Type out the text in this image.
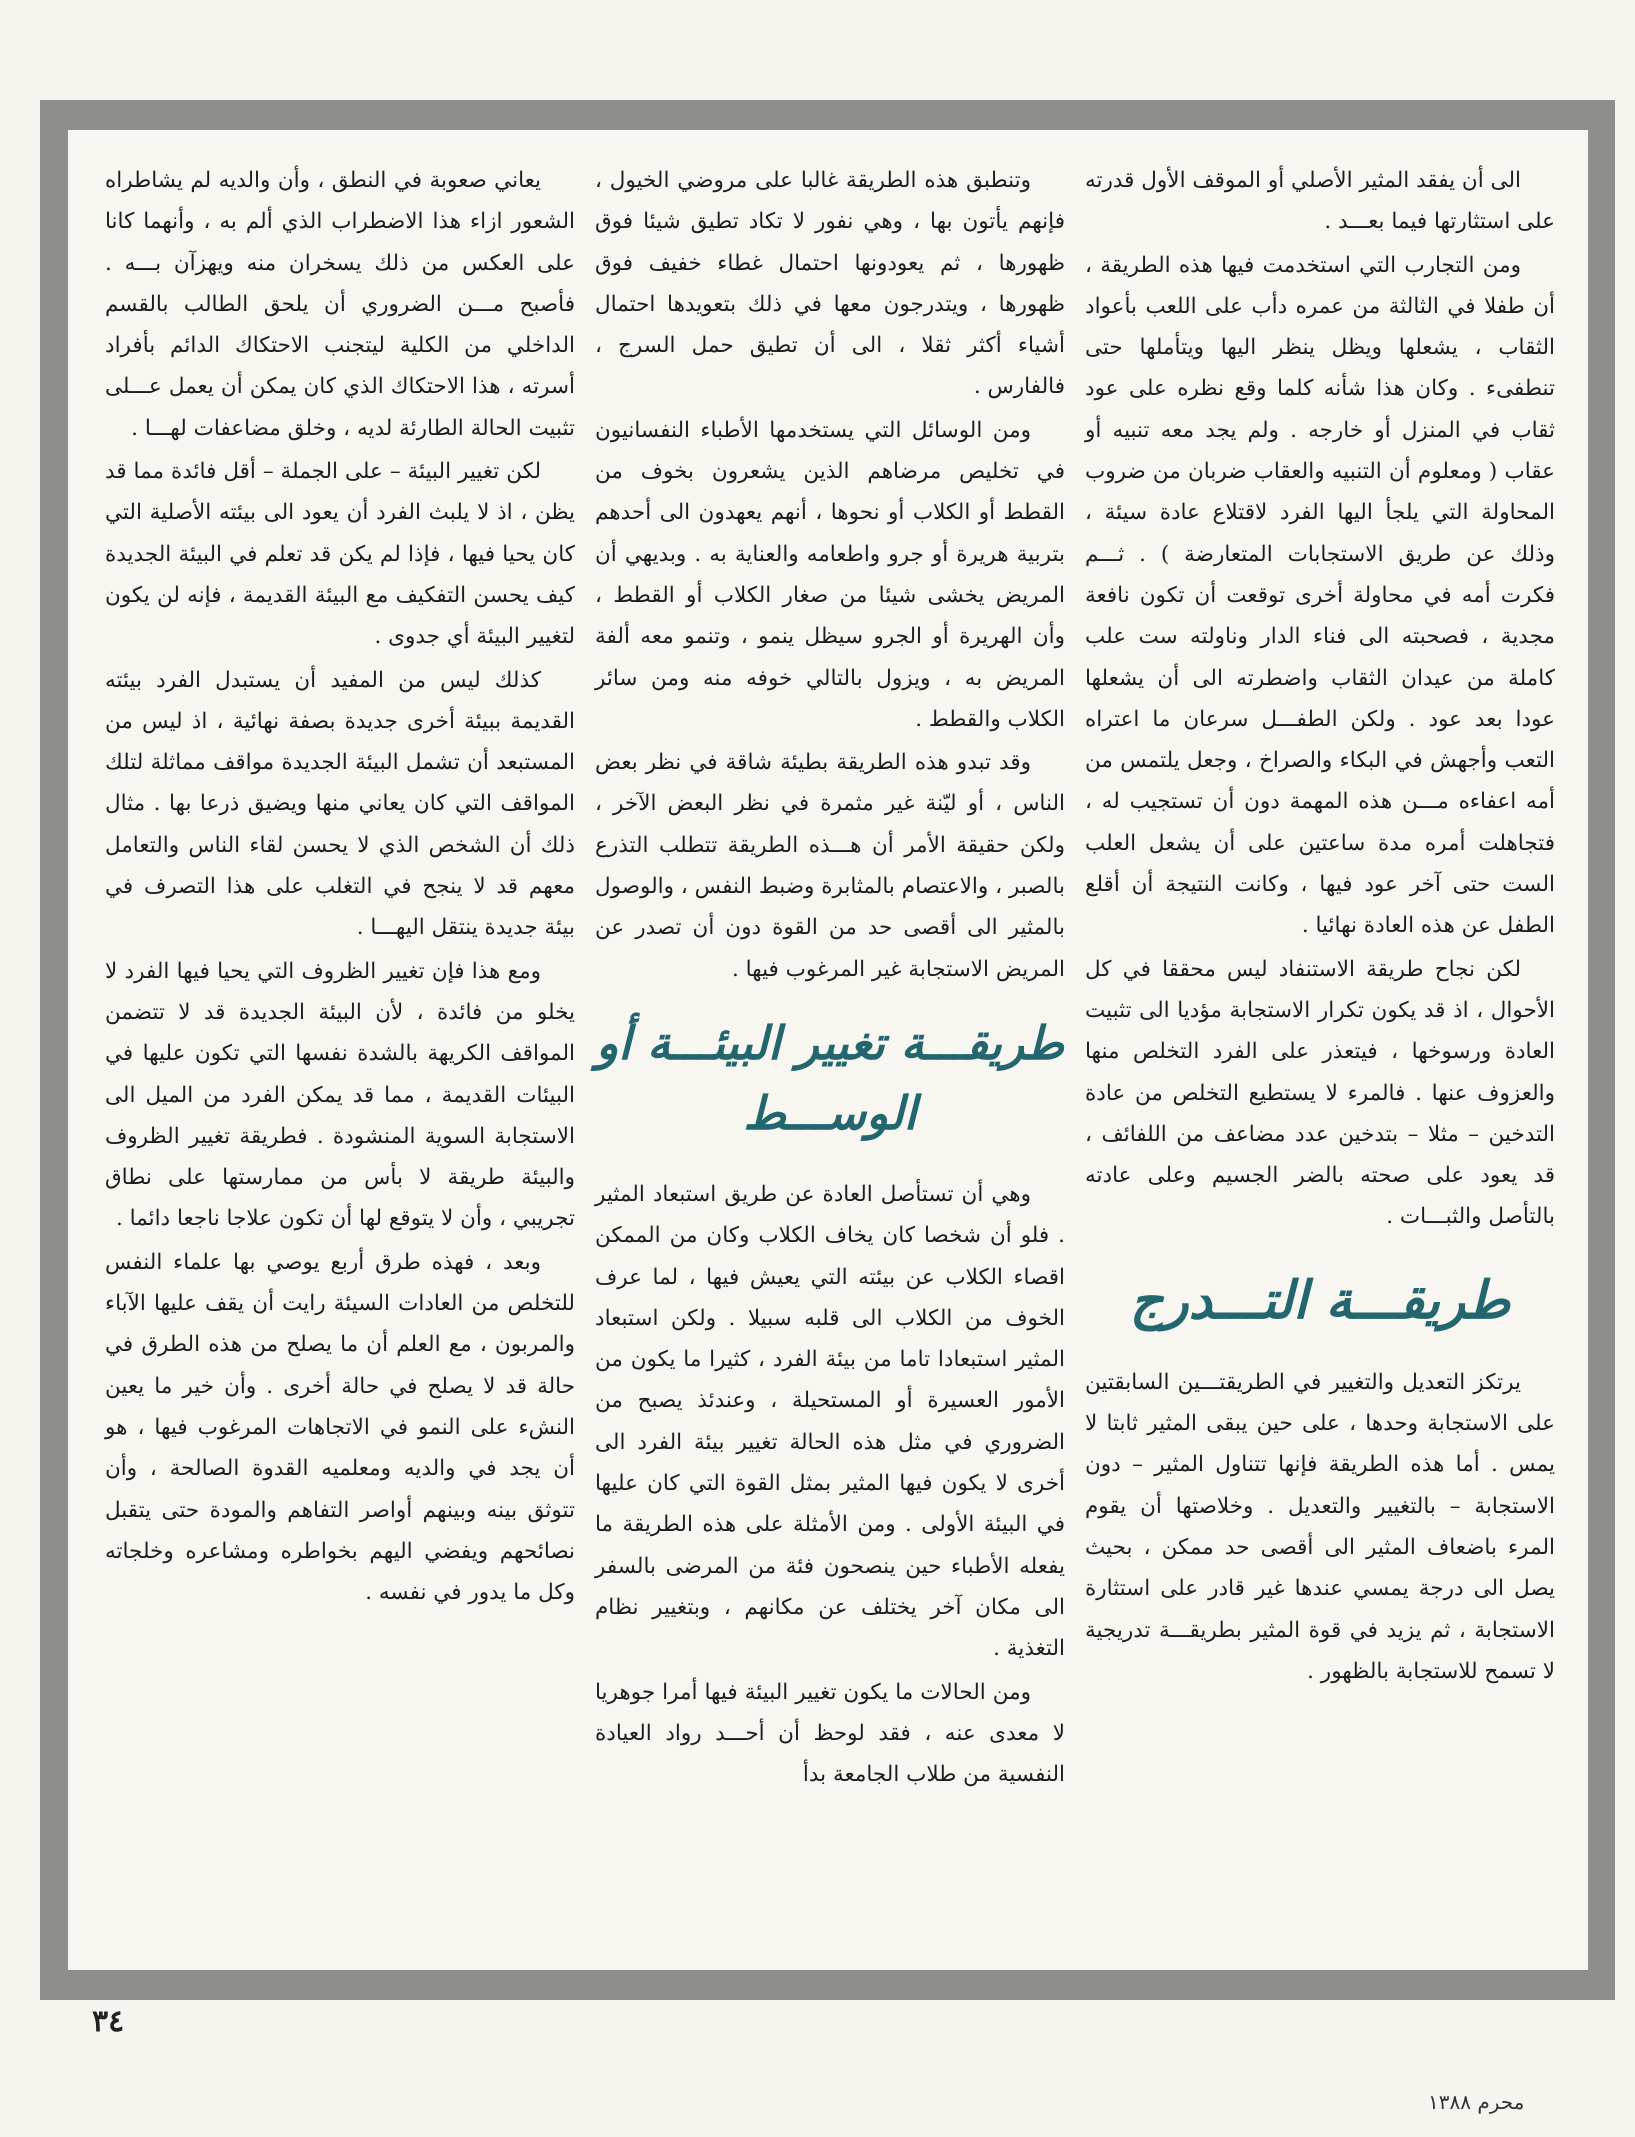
الى أن يفقد المثير الأصلي أو الموقف الأول قدرته على استثارتها فيما بعـــد .

ومن التجارب التي استخدمت فيها هذه الطريقة ، أن طفلا في الثالثة من عمره دأب على اللعب بأعواد الثقاب ، يشعلها ويظل ينظر اليها ويتأملها حتى تنطفىء . وكان هذا شأنه كلما وقع نظره على عود ثقاب في المنزل أو خارجه . ولم يجد معه تنبيه أو عقاب ( ومعلوم أن التنبيه والعقاب ضربان من ضروب المحاولة التي يلجأ اليها الفرد لاقتلاع عادة سيئة ، وذلك عن طريق الاستجابات المتعارضة ) . ثـــم فكرت أمه في محاولة أخرى توقعت أن تكون نافعة مجدية ، فصحبته الى فناء الدار وناولته ست علب كاملة من عيدان الثقاب واضطرته الى أن يشعلها عودا بعد عود . ولكن الطفـــل سرعان ما اعتراه التعب وأجهش في البكاء والصراخ ، وجعل يلتمس من أمه اعفاءه مـــن هذه المهمة دون أن تستجيب له ، فتجاهلت أمره مدة ساعتين على أن يشعل العلب الست حتى آخر عود فيها ، وكانت النتيجة أن أقلع الطفل عن هذه العادة نهائيا .

لكن نجاح طريقة الاستنفاد ليس محققا في كل الأحوال ، اذ قد يكون تكرار الاستجابة مؤديا الى تثبيت العادة ورسوخها ، فيتعذر على الفرد التخلص منها والعزوف عنها . فالمرء لا يستطيع التخلص من عادة التدخين – مثلا – بتدخين عدد مضاعف من اللفائف ، قد يعود على صحته بالضر الجسيم وعلى عادته بالتأصل والثبـــات .

طريقـــة التـــدرج

يرتكز التعديل والتغيير في الطريقتـــين السابقتين على الاستجابة وحدها ، على حين يبقى المثير ثابتا لا يمس . أما هذه الطريقة فإنها تتناول المثير – دون الاستجابة – بالتغيير والتعديل . وخلاصتها أن يقوم المرء باضعاف المثير الى أقصى حد ممكن ، بحيث يصل الى درجة يمسي عندها غير قادر على استثارة الاستجابة ، ثم يزيد في قوة المثير بطريقـــة تدريجية لا تسمح للاستجابة بالظهور .

وتنطبق هذه الطريقة غالبا على مروضي الخيول ، فإنهم يأتون بها ، وهي نفور لا تكاد تطيق شيئا فوق ظهورها ، ثم يعودونها احتمال غطاء خفيف فوق ظهورها ، ويتدرجون معها في ذلك بتعويدها احتمال أشياء أكثر ثقلا ، الى أن تطيق حمل السرج ، فالفارس .

ومن الوسائل التي يستخدمها الأطباء النفسانيون في تخليص مرضاهم الذين يشعرون بخوف من القطط أو الكلاب أو نحوها ، أنهم يعهدون الى أحدهم بتربية هريرة أو جرو واطعامه والعناية به . وبديهي أن المريض يخشى شيئا من صغار الكلاب أو القطط ، وأن الهريرة أو الجرو سيظل ينمو ، وتنمو معه ألفة المريض به ، ويزول بالتالي خوفه منه ومن سائر الكلاب والقطط .

وقد تبدو هذه الطريقة بطيئة شاقة في نظر بعض الناس ، أو ليّنة غير مثمرة في نظر البعض الآخر ، ولكن حقيقة الأمر أن هـــذه الطريقة تتطلب التذرع بالصبر ، والاعتصام بالمثابرة وضبط النفس ، والوصول بالمثير الى أقصى حد من القوة دون أن تصدر عن المريض الاستجابة غير المرغوب فيها .

طريقـــة تغيير البيئـــة أو الوســـط

وهي أن تستأصل العادة عن طريق استبعاد المثير . فلو أن شخصا كان يخاف الكلاب وكان من الممكن اقصاء الكلاب عن بيئته التي يعيش فيها ، لما عرف الخوف من الكلاب الى قلبه سبيلا . ولكن استبعاد المثير استبعادا تاما من بيئة الفرد ، كثيرا ما يكون من الأمور العسيرة أو المستحيلة ، وعندئذ يصبح من الضروري في مثل هذه الحالة تغيير بيئة الفرد الى أخرى لا يكون فيها المثير بمثل القوة التي كان عليها في البيئة الأولى . ومن الأمثلة على هذه الطريقة ما يفعله الأطباء حين ينصحون فئة من المرضى بالسفر الى مكان آخر يختلف عن مكانهم ، وبتغيير نظام التغذية .

ومن الحالات ما يكون تغيير البيئة فيها أمرا جوهريا لا معدى عنه ، فقد لوحظ أن أحـــد رواد العيادة النفسية من طلاب الجامعة بدأ

يعاني صعوبة في النطق ، وأن والديه لم يشاطراه الشعور ازاء هذا الاضطراب الذي ألم به ، وأنهما كانا على العكس من ذلك يسخران منه ويهزآن بـــه . فأصبح مـــن الضروري أن يلحق الطالب بالقسم الداخلي من الكلية ليتجنب الاحتكاك الدائم بأفراد أسرته ، هذا الاحتكاك الذي كان يمكن أن يعمل عـــلى تثبيت الحالة الطارئة لديه ، وخلق مضاعفات لهـــا .

لكن تغيير البيئة – على الجملة – أقل فائدة مما قد يظن ، اذ لا يلبث الفرد أن يعود الى بيئته الأصلية التي كان يحيا فيها ، فإذا لم يكن قد تعلم في البيئة الجديدة كيف يحسن التفكيف مع البيئة القديمة ، فإنه لن يكون لتغيير البيئة أي جدوى .

كذلك ليس من المفيد أن يستبدل الفرد بيئته القديمة ببيئة أخرى جديدة بصفة نهائية ، اذ ليس من المستبعد أن تشمل البيئة الجديدة مواقف مماثلة لتلك المواقف التي كان يعاني منها ويضيق ذرعا بها . مثال ذلك أن الشخص الذي لا يحسن لقاء الناس والتعامل معهم قد لا ينجح في التغلب على هذا التصرف في بيئة جديدة ينتقل اليهـــا .

ومع هذا فإن تغيير الظروف التي يحيا فيها الفرد لا يخلو من فائدة ، لأن البيئة الجديدة قد لا تتضمن المواقف الكريهة بالشدة نفسها التي تكون عليها في البيئات القديمة ، مما قد يمكن الفرد من الميل الى الاستجابة السوية المنشودة . فطريقة تغيير الظروف والبيئة طريقة لا بأس من ممارستها على نطاق تجريبي ، وأن لا يتوقع لها أن تكون علاجا ناجعا دائما .

وبعد ، فهذه طرق أربع يوصي بها علماء النفس للتخلص من العادات السيئة رايت أن يقف عليها الآباء والمربون ، مع العلم أن ما يصلح من هذه الطرق في حالة قد لا يصلح في حالة أخرى . وأن خير ما يعين النشء على النمو في الاتجاهات المرغوب فيها ، هو أن يجد في والديه ومعلميه القدوة الصالحة ، وأن تتوثق بينه وبينهم أواصر التفاهم والمودة حتى يتقبل نصائحهم ويفضي اليهم بخواطره ومشاعره وخلجاته وكل ما يدور في نفسه .

٣٤
محرم ١٣٨٨
